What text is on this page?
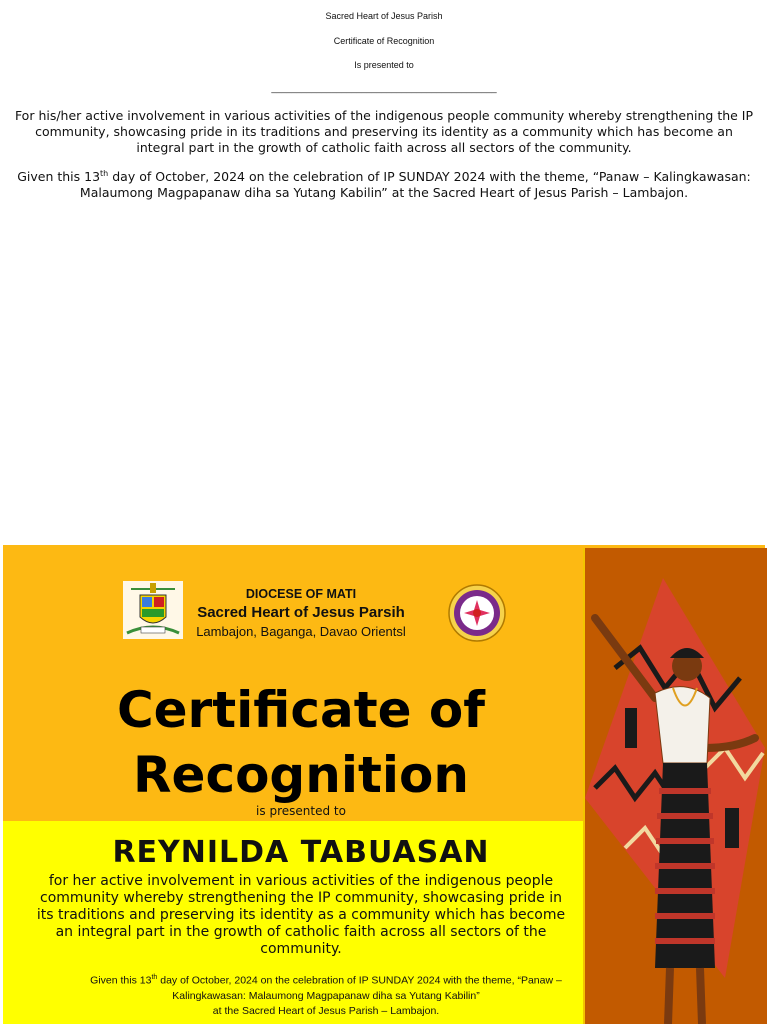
Sacred Heart of Jesus Parish
Certificate of Recognition
Is presented to
_____________________________________________
For his/her active involvement in various activities of the indigenous people community whereby strengthening the IP community, showcasing pride in its traditions and preserving its identity as a community which has become an integral part in the growth of catholic faith across all sectors of the community.
Given this 13th day of October, 2024 on the celebration of IP SUNDAY 2024 with the theme, “Panaw – Kalingkawasan: Malaumong Magpapanaw diha sa Yutang Kabilin” at the Sacred Heart of Jesus Parish – Lambajon.
DIOCESE OF MATI
Sacred Heart of Jesus Parsih
Lambajon, Baganga, Davao Orientsl
Certificate of
Recognition
is presented to
REYNILDA TABUASAN
for her active involvement in various activities of the indigenous people community whereby strengthening the IP community, showcasing pride in its traditions and preserving its identity as a community which has become an integral part in the growth of catholic faith across all sectors of the community.
Given this 13th day of October, 2024 on the celebration of IP SUNDAY 2024 with the theme, “Panaw – Kalingkawasan: Malaumong Magpapanaw diha sa Yutang Kabilin”
at the Sacred Heart of Jesus Parish – Lambajon.
